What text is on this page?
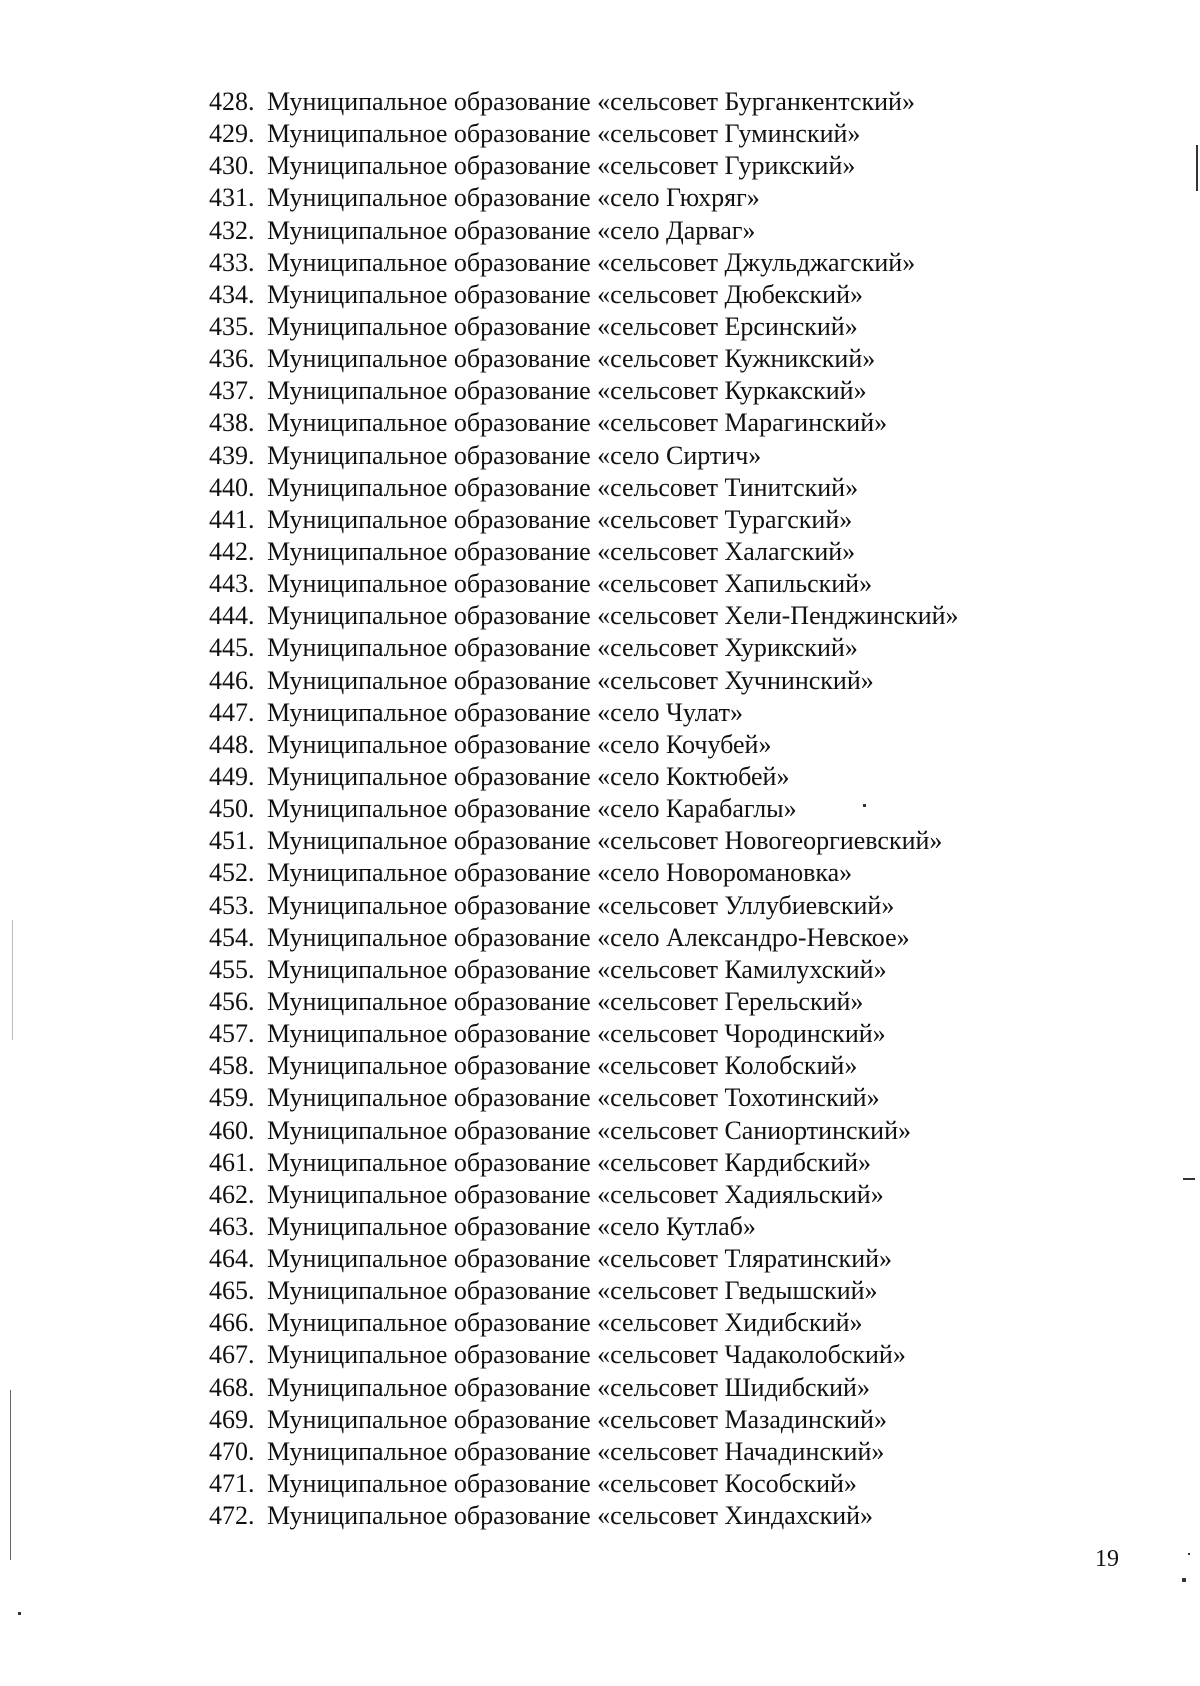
428. Муниципальное образование «сельсовет Бурганкентский»
429. Муниципальное образование «сельсовет Гуминский»
430. Муниципальное образование «сельсовет Гурикский»
431. Муниципальное образование «село Гюхряг»
432. Муниципальное образование «село Дарваг»
433. Муниципальное образование «сельсовет Джульджагский»
434. Муниципальное образование «сельсовет Дюбекский»
435. Муниципальное образование «сельсовет Ерсинский»
436. Муниципальное образование «сельсовет Кужникский»
437. Муниципальное образование «сельсовет Куркакский»
438. Муниципальное образование «сельсовет Марагинский»
439. Муниципальное образование «село Сиртич»
440. Муниципальное образование «сельсовет Тинитский»
441. Муниципальное образование «сельсовет Турагский»
442. Муниципальное образование «сельсовет Халагский»
443. Муниципальное образование «сельсовет Хапильский»
444. Муниципальное образование «сельсовет Хели-Пенджинский»
445. Муниципальное образование «сельсовет Хурикский»
446. Муниципальное образование «сельсовет Хучнинский»
447. Муниципальное образование «село Чулат»
448. Муниципальное образование «село Кочубей»
449. Муниципальное образование «село Коктюбей»
450. Муниципальное образование «село Карабаглы»
451. Муниципальное образование «сельсовет Новогеоргиевский»
452. Муниципальное образование «село Новоромановка»
453. Муниципальное образование «сельсовет Уллубиевский»
454. Муниципальное образование «село Александро-Невское»
455. Муниципальное образование «сельсовет Камилухский»
456. Муниципальное образование «сельсовет Герельский»
457. Муниципальное образование «сельсовет Чородинский»
458. Муниципальное образование «сельсовет Колобский»
459. Муниципальное образование «сельсовет Тохотинский»
460. Муниципальное образование «сельсовет Саниортинский»
461. Муниципальное образование «сельсовет Кардибский»
462. Муниципальное образование «сельсовет Хадияльский»
463. Муниципальное образование «село Кутлаб»
464. Муниципальное образование «сельсовет Тляратинский»
465. Муниципальное образование «сельсовет Гведышский»
466. Муниципальное образование «сельсовет Хидибский»
467. Муниципальное образование «сельсовет Чадаколобский»
468. Муниципальное образование «сельсовет Шидибский»
469. Муниципальное образование «сельсовет Мазадинский»
470. Муниципальное образование «сельсовет Начадинский»
471. Муниципальное образование «сельсовет Кособский»
472. Муниципальное образование «сельсовет Хиндахский»
19
